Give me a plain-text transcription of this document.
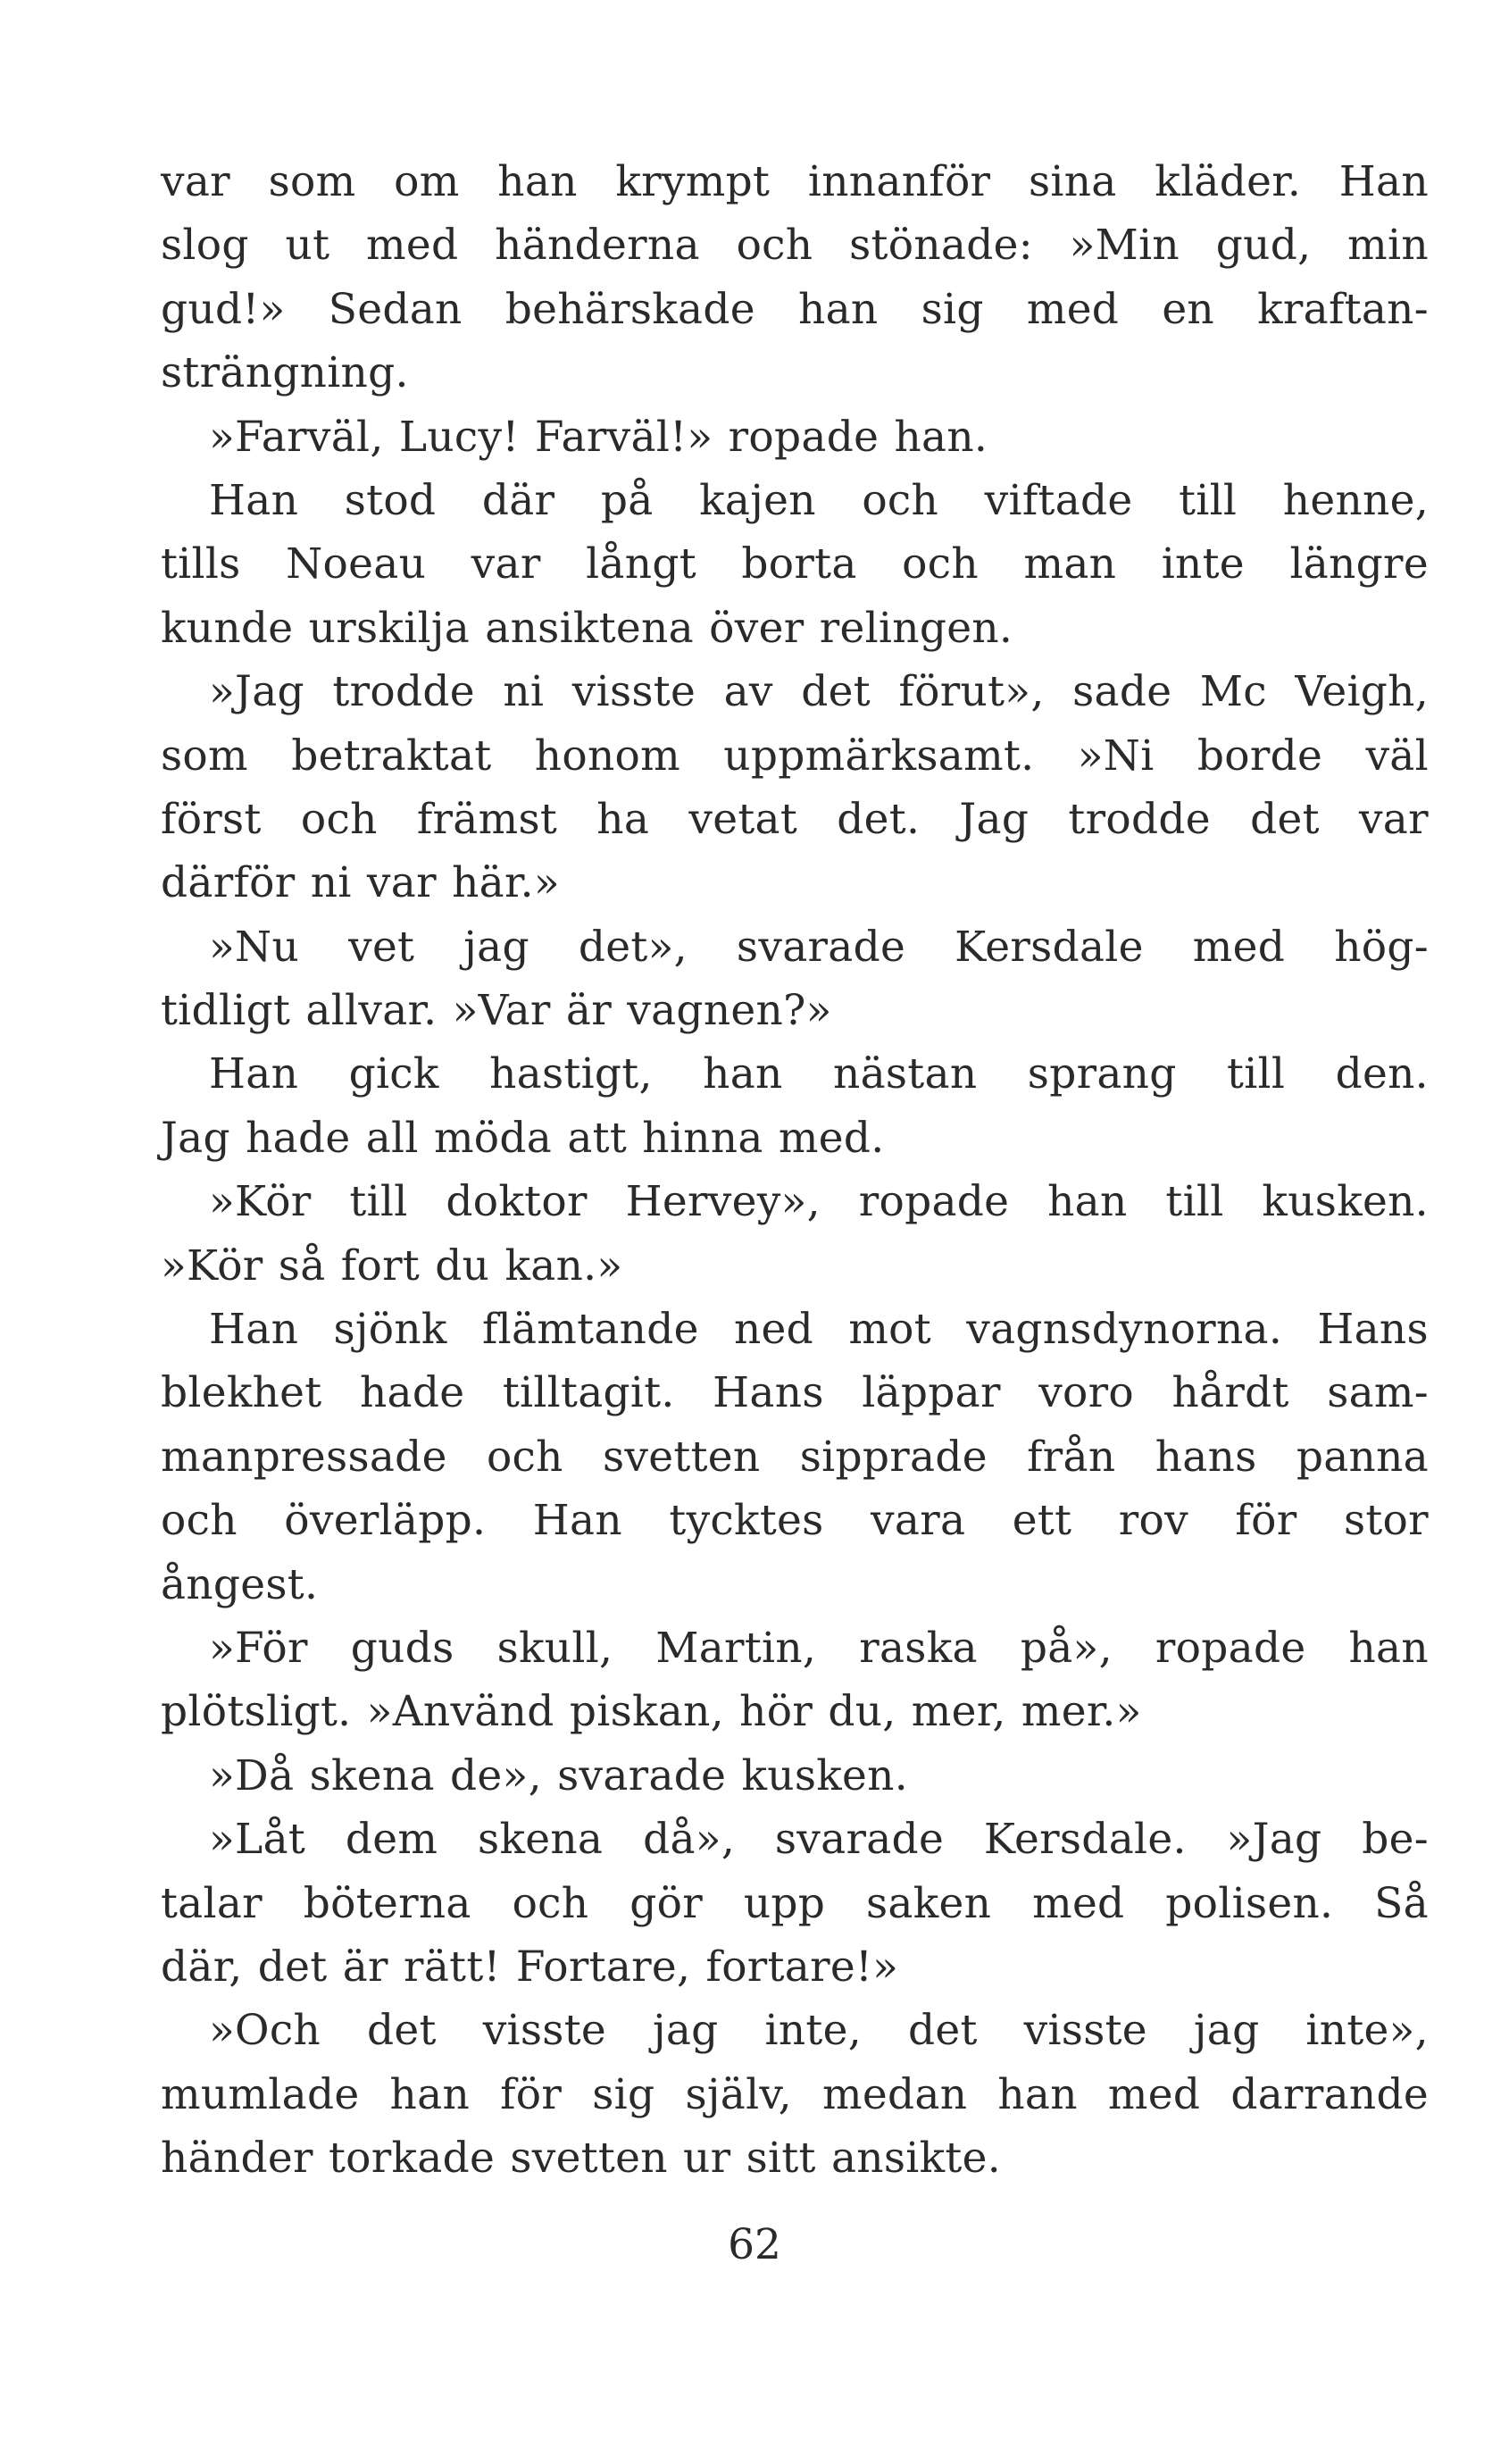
var som om han krympt innanför sina kläder. Han
slog ut med händerna och stönade: »Min gud, min
gud!» Sedan behärskade han sig med en kraftan-
strängning.
»Farväl, Lucy! Farväl!» ropade han.
Han stod där på kajen och viftade till henne,
tills Noeau var långt borta och man inte längre
kunde urskilja ansiktena över relingen.
»Jag trodde ni visste av det förut», sade Mc Veigh,
som betraktat honom uppmärksamt. »Ni borde väl
först och främst ha vetat det. Jag trodde det var
därför ni var här.»
»Nu vet jag det», svarade Kersdale med hög-
tidligt allvar. »Var är vagnen?»
Han gick hastigt, han nästan sprang till den.
Jag hade all möda att hinna med.
»Kör till doktor Hervey», ropade han till kusken.
»Kör så fort du kan.»
Han sjönk flämtande ned mot vagnsdynorna. Hans
blekhet hade tilltagit. Hans läppar voro hårdt sam-
manpressade och svetten sipprade från hans panna
och överläpp. Han tycktes vara ett rov för stor
ångest.
»För guds skull, Martin, raska på», ropade han
plötsligt. »Använd piskan, hör du, mer, mer.»
»Då skena de», svarade kusken.
»Låt dem skena då», svarade Kersdale. »Jag be-
talar böterna och gör upp saken med polisen. Så
där, det är rätt! Fortare, fortare!»
»Och det visste jag inte, det visste jag inte»,
mumlade han för sig själv, medan han med darrande
händer torkade svetten ur sitt ansikte.
62
